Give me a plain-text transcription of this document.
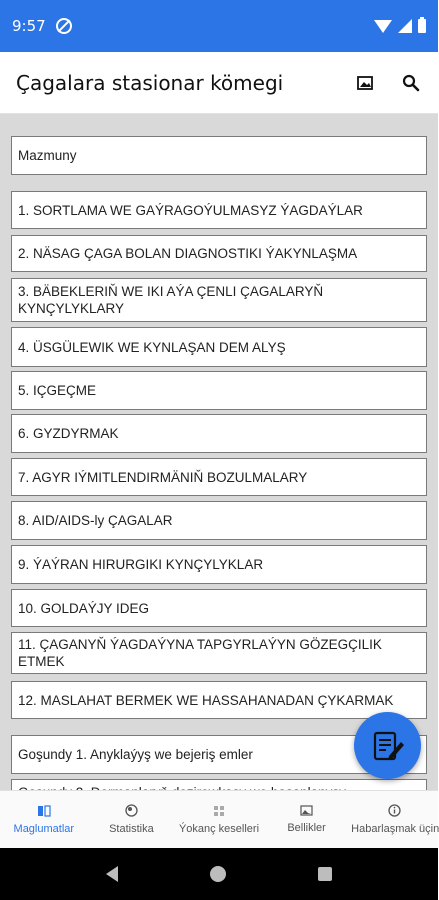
9:57
Çagalara stasionar kömegi
Mazmuny
1. SORTLAMA WE GAÝRAGOÝULMASYZ ÝAGDAÝLAR
2. NÄSAG ÇAGA BOLAN DIAGNOSTIKI ÝAKYNLAŞMA
3. BÄBEKLERIŇ WE IKI AÝA ÇENLI ÇAGALARYŇ KYNÇYLYKLARY
4. ÜSGÜLEWIK WE KYNLAŞAN DEM ALYŞ
5. IÇGEÇME
6. GYZDYRMAK
7. AGYR IÝMITLENDIRMÄNIŇ BOZULMALARY
8. AID/AIDS-ly ÇAGALAR
9. ÝAÝRAN HIRURGIKI KYNÇYLYKLAR
10. GOLDAÝJY IDEG
11. ÇAGANYŇ ÝAGDAÝYNA TAPGYRLAÝYN GÖZEGÇILIK ETMEK
12. MASLAHAT BERMEK WE HASSAHANADAN ÇYKARMAK
Goşundy 1. Anyklaýyş we bejeriş emler
Maglumatlar	Statistika Ýokanç keselleri	Bellikler Habarlaşmak üçin
